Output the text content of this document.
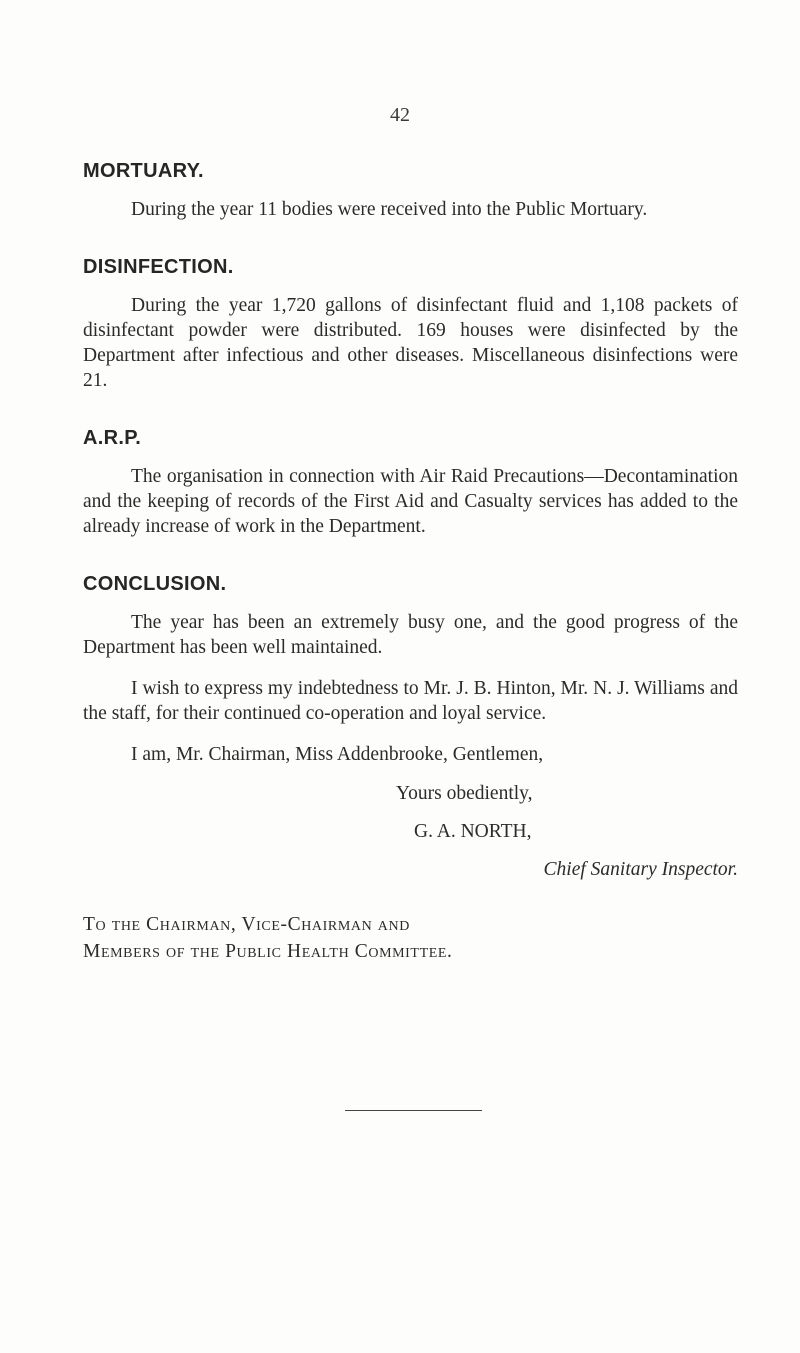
42
MORTUARY.

During the year 11 bodies were received into the Public Mortuary.

DISINFECTION.

During the year 1,720 gallons of disinfectant fluid and 1,108 packets of disinfectant powder were distributed. 169 houses were disinfected by the Department after infectious and other diseases. Miscellaneous disinfections were 21.

A.R.P.

The organisation in connection with Air Raid Precautions—Decontamination and the keeping of records of the First Aid and Casualty services has added to the already increase of work in the Department.

CONCLUSION.

The year has been an extremely busy one, and the good progress of the Department has been well maintained.

I wish to express my indebtedness to Mr. J. B. Hinton, Mr. N. J. Williams and the staff, for their continued co-operation and loyal service.

I am, Mr. Chairman, Miss Addenbrooke, Gentlemen,

Yours obediently,

G. A. NORTH,

Chief Sanitary Inspector.

To the Chairman, Vice-Chairman and

Members of the Public Health Committee.
